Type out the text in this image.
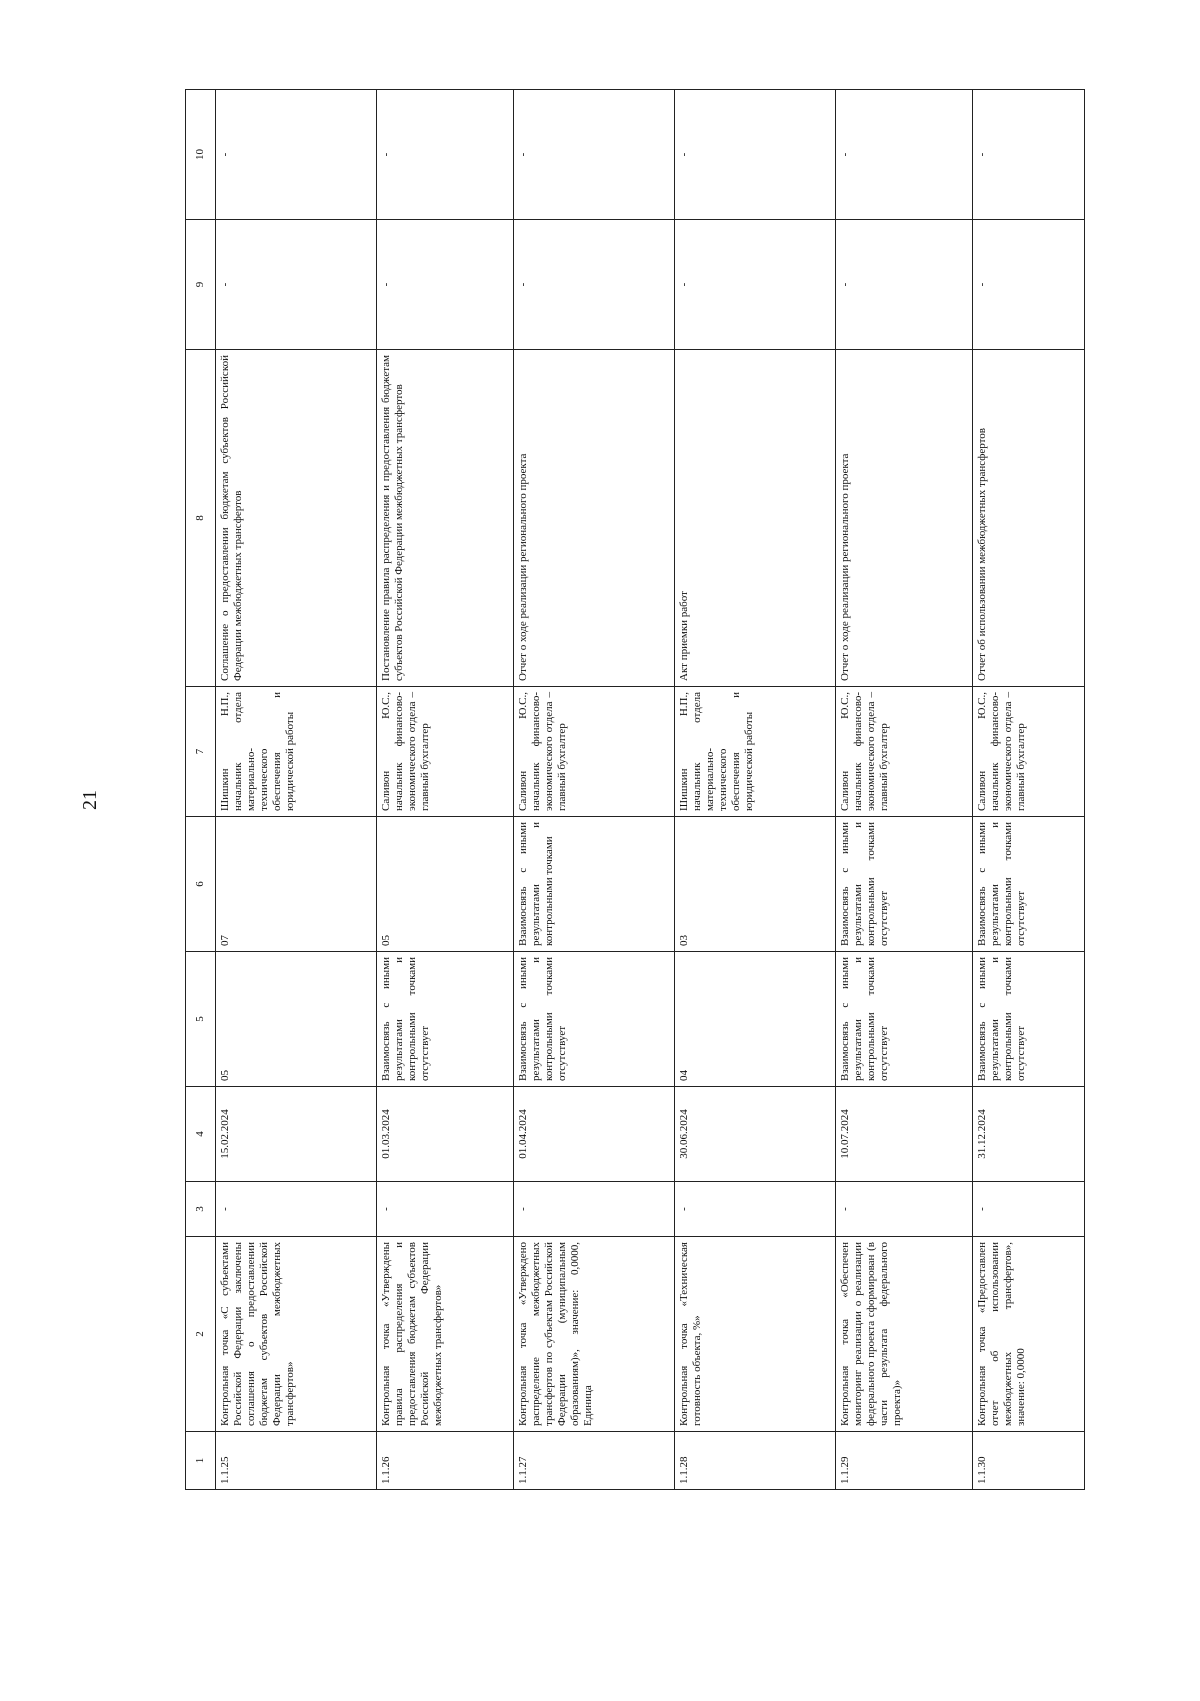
21
1	2	3	4	5	6	7	8	9	10
1.1.25	Контрольная точка «С субъектами Российской Федерации заключены соглашения о предоставлении бюджетам субъектов Российской Федерации межбюджетных трансфертов»	-	15.02.2024	05	07	Шишкин Н.П., начальник отдела материально-технического обеспечения и юридической работы	Соглашение о предоставлении бюджетам субъектов Российской Федерации межбюджетных трансфертов	-	-
1.1.26	Контрольная точка «Утверждены правила распределения и предоставления бюджетам субъектов Российской Федерации межбюджетных трансфертов»	-	01.03.2024	Взаимосвязь с иными результатами и контрольными точками отсутствует	05	Саливон Ю.С., начальник финансово-экономического отдела – главный бухгалтер	Постановление правила распределения и предоставления бюджетам субъектов Российской Федерации межбюджетных трансфертов	-	-
1.1.27	Контрольная точка «Утверждено распределение межбюджетных трансфертов по субъектам Российской Федерации (муниципальным образованиям)», значение: 0,0000, Единица	-	01.04.2024	Взаимосвязь с иными результатами и контрольными точками отсутствует	Взаимосвязь с иными результатами и контрольными точками	Саливон Ю.С., начальник финансово-экономического отдела – главный бухгалтер	Отчет о ходе реализации регионального проекта	-	-
1.1.28	Контрольная точка «Техническая готовность объекта, %»	-	30.06.2024	04	03	Шишкин Н.П., начальник отдела материально-технического обеспечения и юридической работы	Акт приемки работ	-	-
1.1.29	Контрольная точка «Обеспечен мониторинг реализации о реализации федерального проекта сформирован (в части результата федерального проекта)»	-	10.07.2024	Взаимосвязь с иными результатами и контрольными точками отсутствует	Взаимосвязь с иными результатами и контрольными точками отсутствует	Саливон Ю.С., начальник финансово-экономического отдела – главный бухгалтер	Отчет о ходе реализации регионального проекта	-	-
1.1.30	Контрольная точка «Предоставлен отчет об использовании межбюджетных трансфертов», значение: 0,0000	-	31.12.2024	Взаимосвязь с иными результатами и контрольными точками отсутствует	Взаимосвязь с иными результатами и контрольными точками отсутствует	Саливон Ю.С., начальник финансово-экономического отдела – главный бухгалтер	Отчет об использовании межбюджетных трансфертов	-	-
